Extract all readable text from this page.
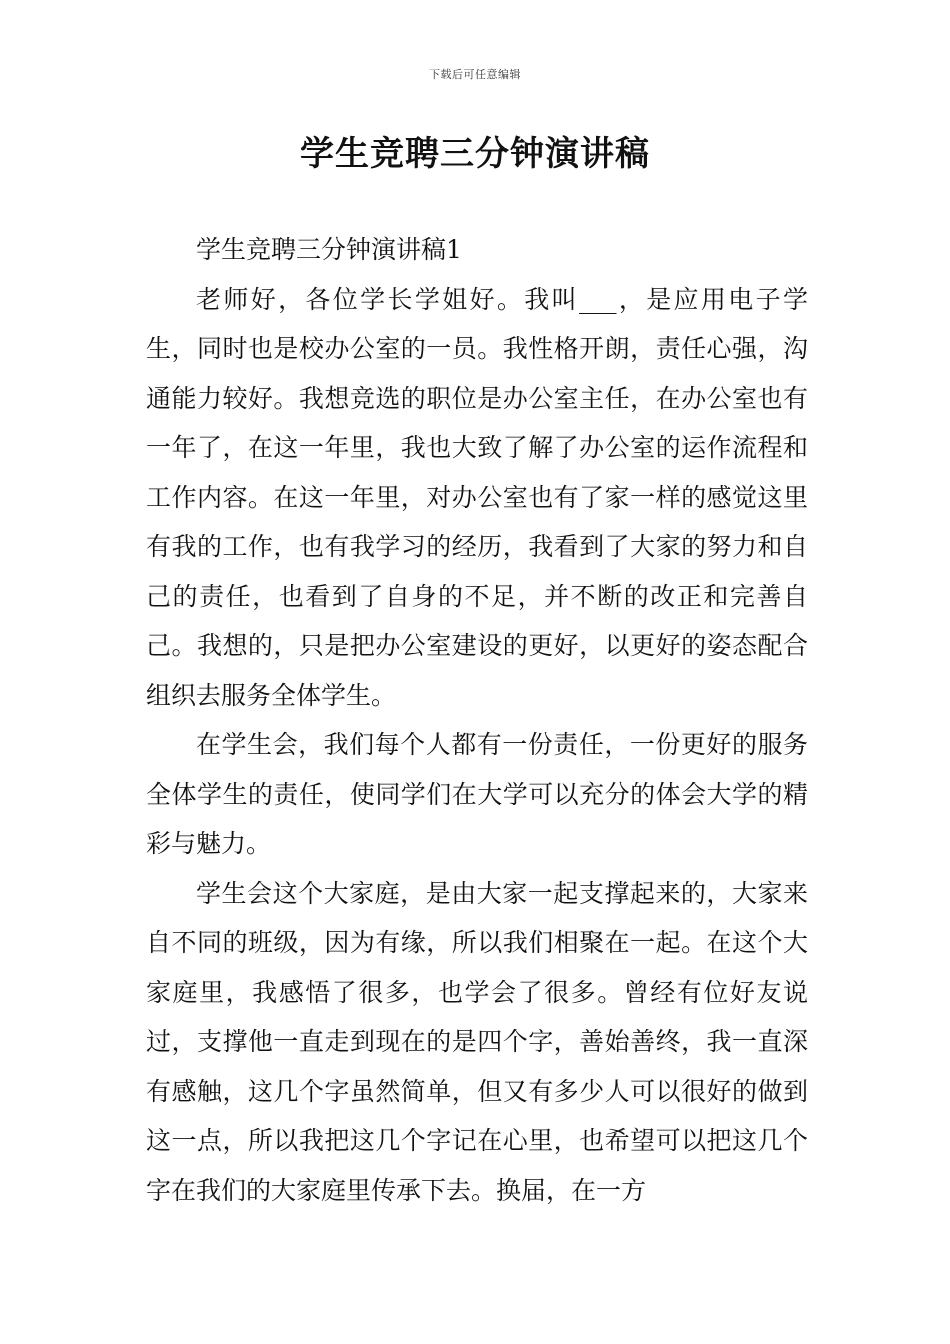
下载后可任意编辑
学生竞聘三分钟演讲稿

学生竞聘三分钟演讲稿1

老师好，各位学长学姐好。我叫___，是应用电子学生，同时也是校办公室的一员。我性格开朗，责任心强，沟通能力较好。我想竞选的职位是办公室主任，在办公室也有一年了，在这一年里，我也大致了解了办公室的运作流程和工作内容。在这一年里，对办公室也有了家一样的感觉这里有我的工作，也有我学习的经历，我看到了大家的努力和自己的责任，也看到了自身的不足，并不断的改正和完善自己。我想的，只是把办公室建设的更好，以更好的姿态配合组织去服务全体学生。

在学生会，我们每个人都有一份责任，一份更好的服务全体学生的责任，使同学们在大学可以充分的体会大学的精彩与魅力。

学生会这个大家庭，是由大家一起支撑起来的，大家来自不同的班级，因为有缘，所以我们相聚在一起。在这个大家庭里，我感悟了很多，也学会了很多。曾经有位好友说过，支撑他一直走到现在的是四个字，善始善终，我一直深有感触，这几个字虽然简单，但又有多少人可以很好的做到这一点，所以我把这几个字记在心里，也希望可以把这几个字在我们的大家庭里传承下去。换届，在一方
